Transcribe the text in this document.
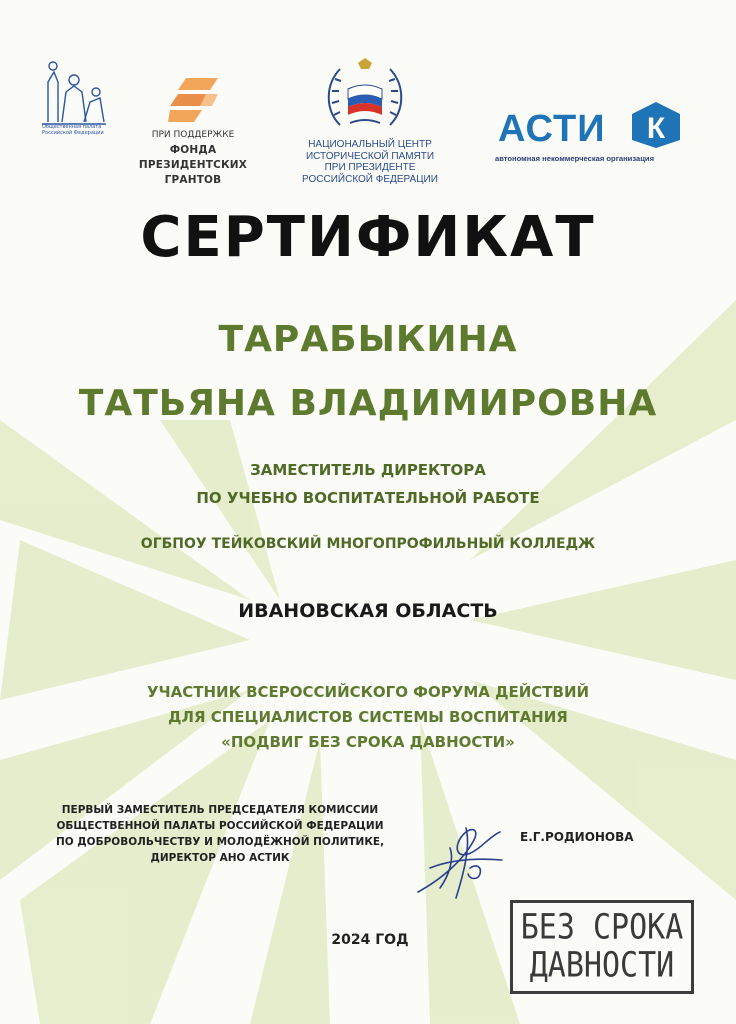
Общественная палата Российской Федерации	ПРИ ПОДДЕРЖКЕ
ФОНДА
ПРЕЗИДЕНТСКИХ
ГРАНТОВ
НАЦИОНАЛЬНЫЙ ЦЕНТР
ИСТОРИЧЕСКОЙ ПАМЯТИ
ПРИ ПРЕЗИДЕНТЕ
РОССИЙСКОЙ ФЕДЕРАЦИИ
АСТИ К
автономная некоммерческая организация
СЕРТИФИКАТ
ТАРАБЫКИНА
ТАТЬЯНА ВЛАДИМИРОВНА
ЗАМЕСТИТЕЛЬ ДИРЕКТОРА
ПО УЧЕБНО ВОСПИТАТЕЛЬНОЙ РАБОТЕ
ОГБПОУ ТЕЙКОВСКИЙ МНОГОПРОФИЛЬНЫЙ КОЛЛЕДЖ
ИВАНОВСКАЯ ОБЛАСТЬ
УЧАСТНИК ВСЕРОССИЙСКОГО ФОРУМА ДЕЙСТВИЙ
ДЛЯ СПЕЦИАЛИСТОВ СИСТЕМЫ ВОСПИТАНИЯ
«ПОДВИГ БЕЗ СРОКА ДАВНОСТИ»
ПЕРВЫЙ ЗАМЕСТИТЕЛЬ ПРЕДСЕДАТЕЛЯ КОМИССИИ
ОБЩЕСТВЕННОЙ ПАЛАТЫ РОССИЙСКОЙ ФЕДЕРАЦИИ
ПО ДОБРОВОЛЬЧЕСТВУ И МОЛОДЁЖНОЙ ПОЛИТИКЕ,
ДИРЕКТОР АНО АСТИК
Е.Г.РОДИОНОВА
2024 ГОД	БЕЗ СРОКА
ДАВНОСТИ
